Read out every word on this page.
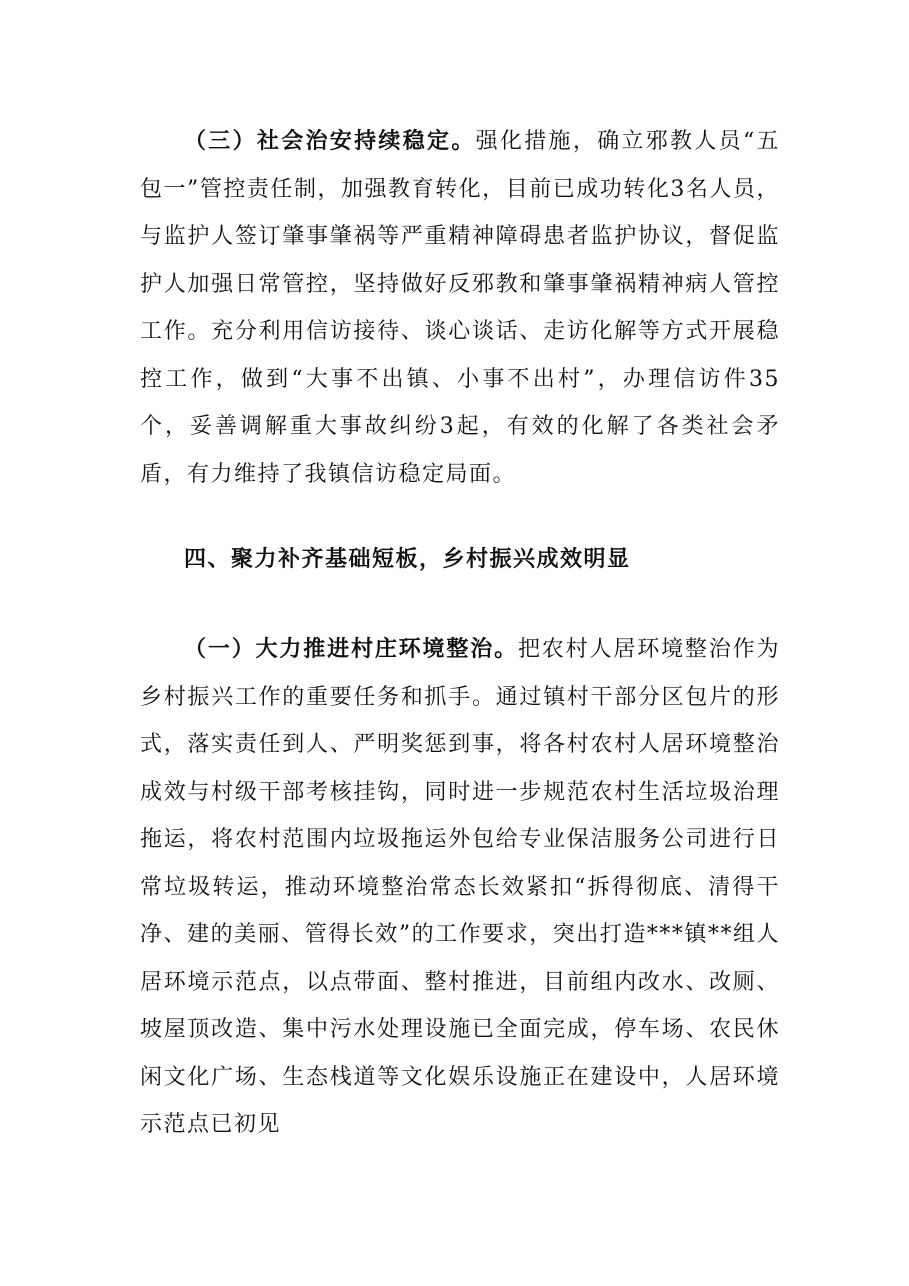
（三）社会治安持续稳定。强化措施，确立邪教人员“五包一”管控责任制，加强教育转化，目前已成功转化3名人员，与监护人签订肇事肇祸等严重精神障碍患者监护协议，督促监护人加强日常管控，坚持做好反邪教和肇事肇祸精神病人管控工作。充分利用信访接待、谈心谈话、走访化解等方式开展稳控工作，做到“大事不出镇、小事不出村”，办理信访件35个，妥善调解重大事故纠纷3起，有效的化解了各类社会矛盾，有力维持了我镇信访稳定局面。

四、聚力补齐基础短板，乡村振兴成效明显

（一）大力推进村庄环境整治。把农村人居环境整治作为乡村振兴工作的重要任务和抓手。通过镇村干部分区包片的形式，落实责任到人、严明奖惩到事，将各村农村人居环境整治成效与村级干部考核挂钩，同时进一步规范农村生活垃圾治理拖运，将农村范围内垃圾拖运外包给专业保洁服务公司进行日常垃圾转运，推动环境整治常态长效紧扣“拆得彻底、清得干净、建的美丽、管得长效”的工作要求，突出打造***镇**组人居环境示范点，以点带面、整村推进，目前组内改水、改厕、坡屋顶改造、集中污水处理设施已全面完成，停车场、农民休闲文化广场、生态栈道等文化娱乐设施正在建设中，人居环境示范点已初见
